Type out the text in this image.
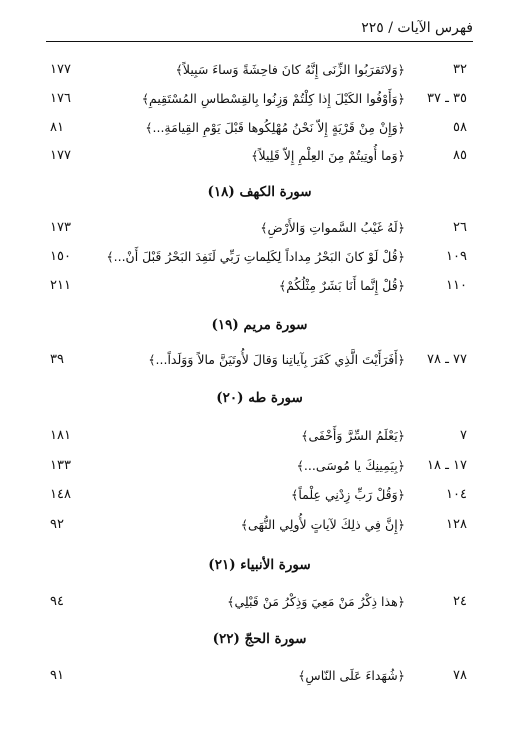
فهرس الآيات / ٢٢٥
٣٢
﴿وَلاتَقرَبُوا الزِّنَى إِنَّهُ كانَ فاحِشَةً وَساءَ سَبِيلاً﴾
١٧٧
٣٥ ـ ٣٧
﴿وَأَوْفُوا الكَيْلَ إِذا كِلْتُمْ وَزِنُوا بِالقِسْطاسِ المُسْتَقِيمِ﴾
١٧٦
٥٨
﴿وَإِنْ مِنْ قَرْيَةٍ إِلاّ نَحْنُ مُهْلِكُوها قَبْلَ يَوْمِ القِيامَةِ...﴾
٨١
٨٥
﴿وَما أُوتِيتُمْ مِنَ العِلْمِ إِلاّ قَلِيلاً﴾
١٧٧
سورة الكهف (١٨)
٢٦
﴿لَهُ غَيْبُ السَّمواتِ وَالأَرْضِ﴾
١٧٣
١٠٩
﴿قُلْ لَوْ كانَ البَحْرُ مِداداً لِكَلِماتِ رَبِّي لَنَفِدَ البَحْرُ قَبْلَ أَنْ...﴾
١٥٠
١١٠
﴿قُلْ إِنَّما أَنَا بَشَرٌ مِثْلُكُمْ﴾
٢١١
سورة مريم (١٩)
٧٧ ـ ٧٨
﴿أَفَرَأَيْتَ الَّذِي كَفَرَ بِآياتِنا وَقالَ لأُوتَيَنَّ مالاً وَوَلَداً...﴾
٣٩
سورة طه (٢٠)
٧
﴿يَعْلَمُ السِّرَّ وَأَخْفَى﴾
١٨١
١٧ ـ ١٨
﴿بِيَمِينِكَ يا مُوسَى...﴾
١٣٣
١٠٤
﴿وَقُلْ رَبِّ زِدْنِي عِلْماً﴾
١٤٨
١٢٨
﴿إِنَّ فِي ذلِكَ لآياتٍ لأُولِي النُّهَى﴾
٩٢
سورة الأنبياء (٢١)
٢٤
﴿هذا ذِكْرُ مَنْ مَعِيَ وَذِكْرُ مَنْ قَبْلِي﴾
٩٤
سورة الحجّ (٢٢)
٧٨
﴿شُهَداءَ عَلَى النّاسِ﴾
٩١
